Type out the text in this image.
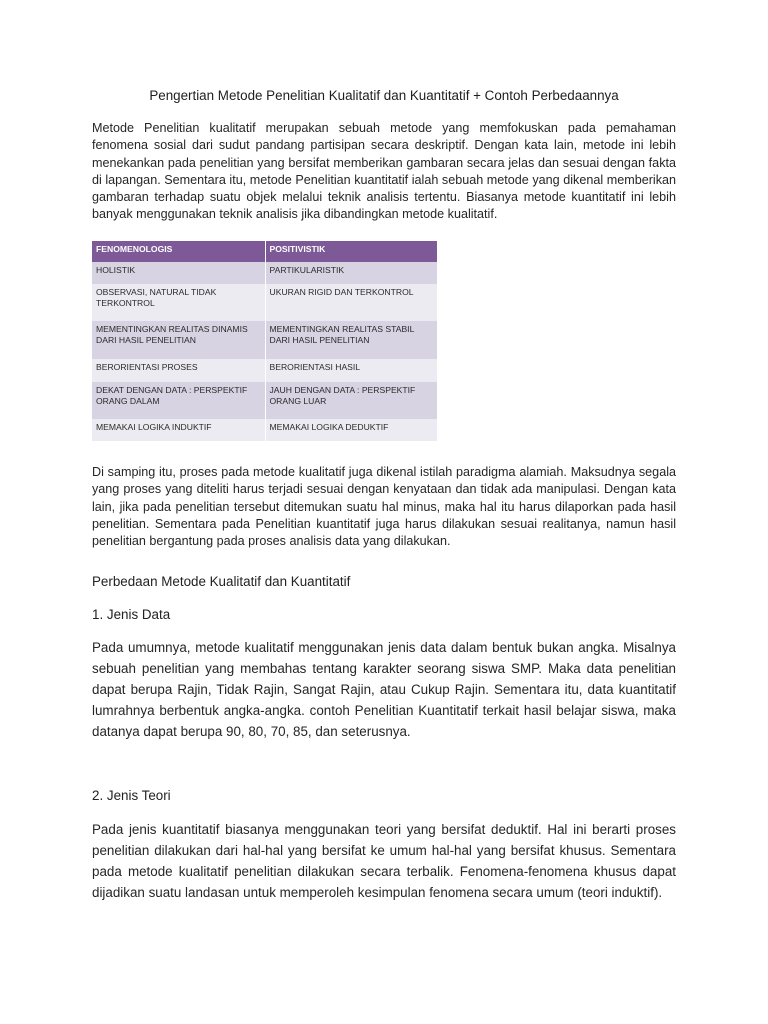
Pengertian Metode Penelitian Kualitatif dan Kuantitatif + Contoh Perbedaannya

Metode Penelitian kualitatif merupakan sebuah metode yang memfokuskan pada pemahaman fenomena sosial dari sudut pandang partisipan secara deskriptif. Dengan kata lain, metode ini lebih menekankan pada penelitian yang bersifat memberikan gambaran secara jelas dan sesuai dengan fakta di lapangan. Sementara itu, metode Penelitian kuantitatif ialah sebuah metode yang dikenal memberikan gambaran terhadap suatu objek melalui teknik analisis tertentu. Biasanya metode kuantitatif ini lebih banyak menggunakan teknik analisis jika dibandingkan metode kualitatif.

FENOMENOLOGIS	POSITIVISTIK
HOLISTIK	PARTIKULARISTIK
OBSERVASI, NATURAL TIDAK TERKONTROL	UKURAN RIGID DAN TERKONTROL
MEMENTINGKAN REALITAS DINAMIS DARI HASIL PENELITIAN	MEMENTINGKAN REALITAS STABIL DARI HASIL PENELITIAN
BERORIENTASI PROSES	BERORIENTASI HASIL
DEKAT DENGAN DATA : PERSPEKTIF ORANG DALAM	JAUH DENGAN DATA : PERSPEKTIF ORANG LUAR
MEMAKAI LOGIKA INDUKTIF	MEMAKAI LOGIKA DEDUKTIF

Di samping itu, proses pada metode kualitatif juga dikenal istilah paradigma alamiah. Maksudnya segala yang proses yang diteliti harus terjadi sesuai dengan kenyataan dan tidak ada manipulasi. Dengan kata lain, jika pada penelitian tersebut ditemukan suatu hal minus, maka hal itu harus dilaporkan pada hasil penelitian. Sementara pada Penelitian kuantitatif juga harus dilakukan sesuai realitanya, namun hasil penelitian bergantung pada proses analisis data yang dilakukan.

Perbedaan Metode Kualitatif dan Kuantitatif
1. Jenis Data

Pada umumnya, metode kualitatif menggunakan jenis data dalam bentuk bukan angka. Misalnya sebuah penelitian yang membahas tentang karakter seorang siswa SMP. Maka data penelitian dapat berupa Rajin, Tidak Rajin, Sangat Rajin, atau Cukup Rajin. Sementara itu, data kuantitatif lumrahnya berbentuk angka-angka. contoh Penelitian Kuantitatif terkait hasil belajar siswa, maka datanya dapat berupa 90, 80, 70, 85, dan seterusnya.

2. Jenis Teori

Pada jenis kuantitatif biasanya menggunakan teori yang bersifat deduktif. Hal ini berarti proses penelitian dilakukan dari hal-hal yang bersifat ke umum hal-hal yang bersifat khusus. Sementara pada metode kualitatif penelitian dilakukan secara terbalik. Fenomena-fenomena khusus dapat dijadikan suatu landasan untuk memperoleh kesimpulan fenomena secara umum (teori induktif).
